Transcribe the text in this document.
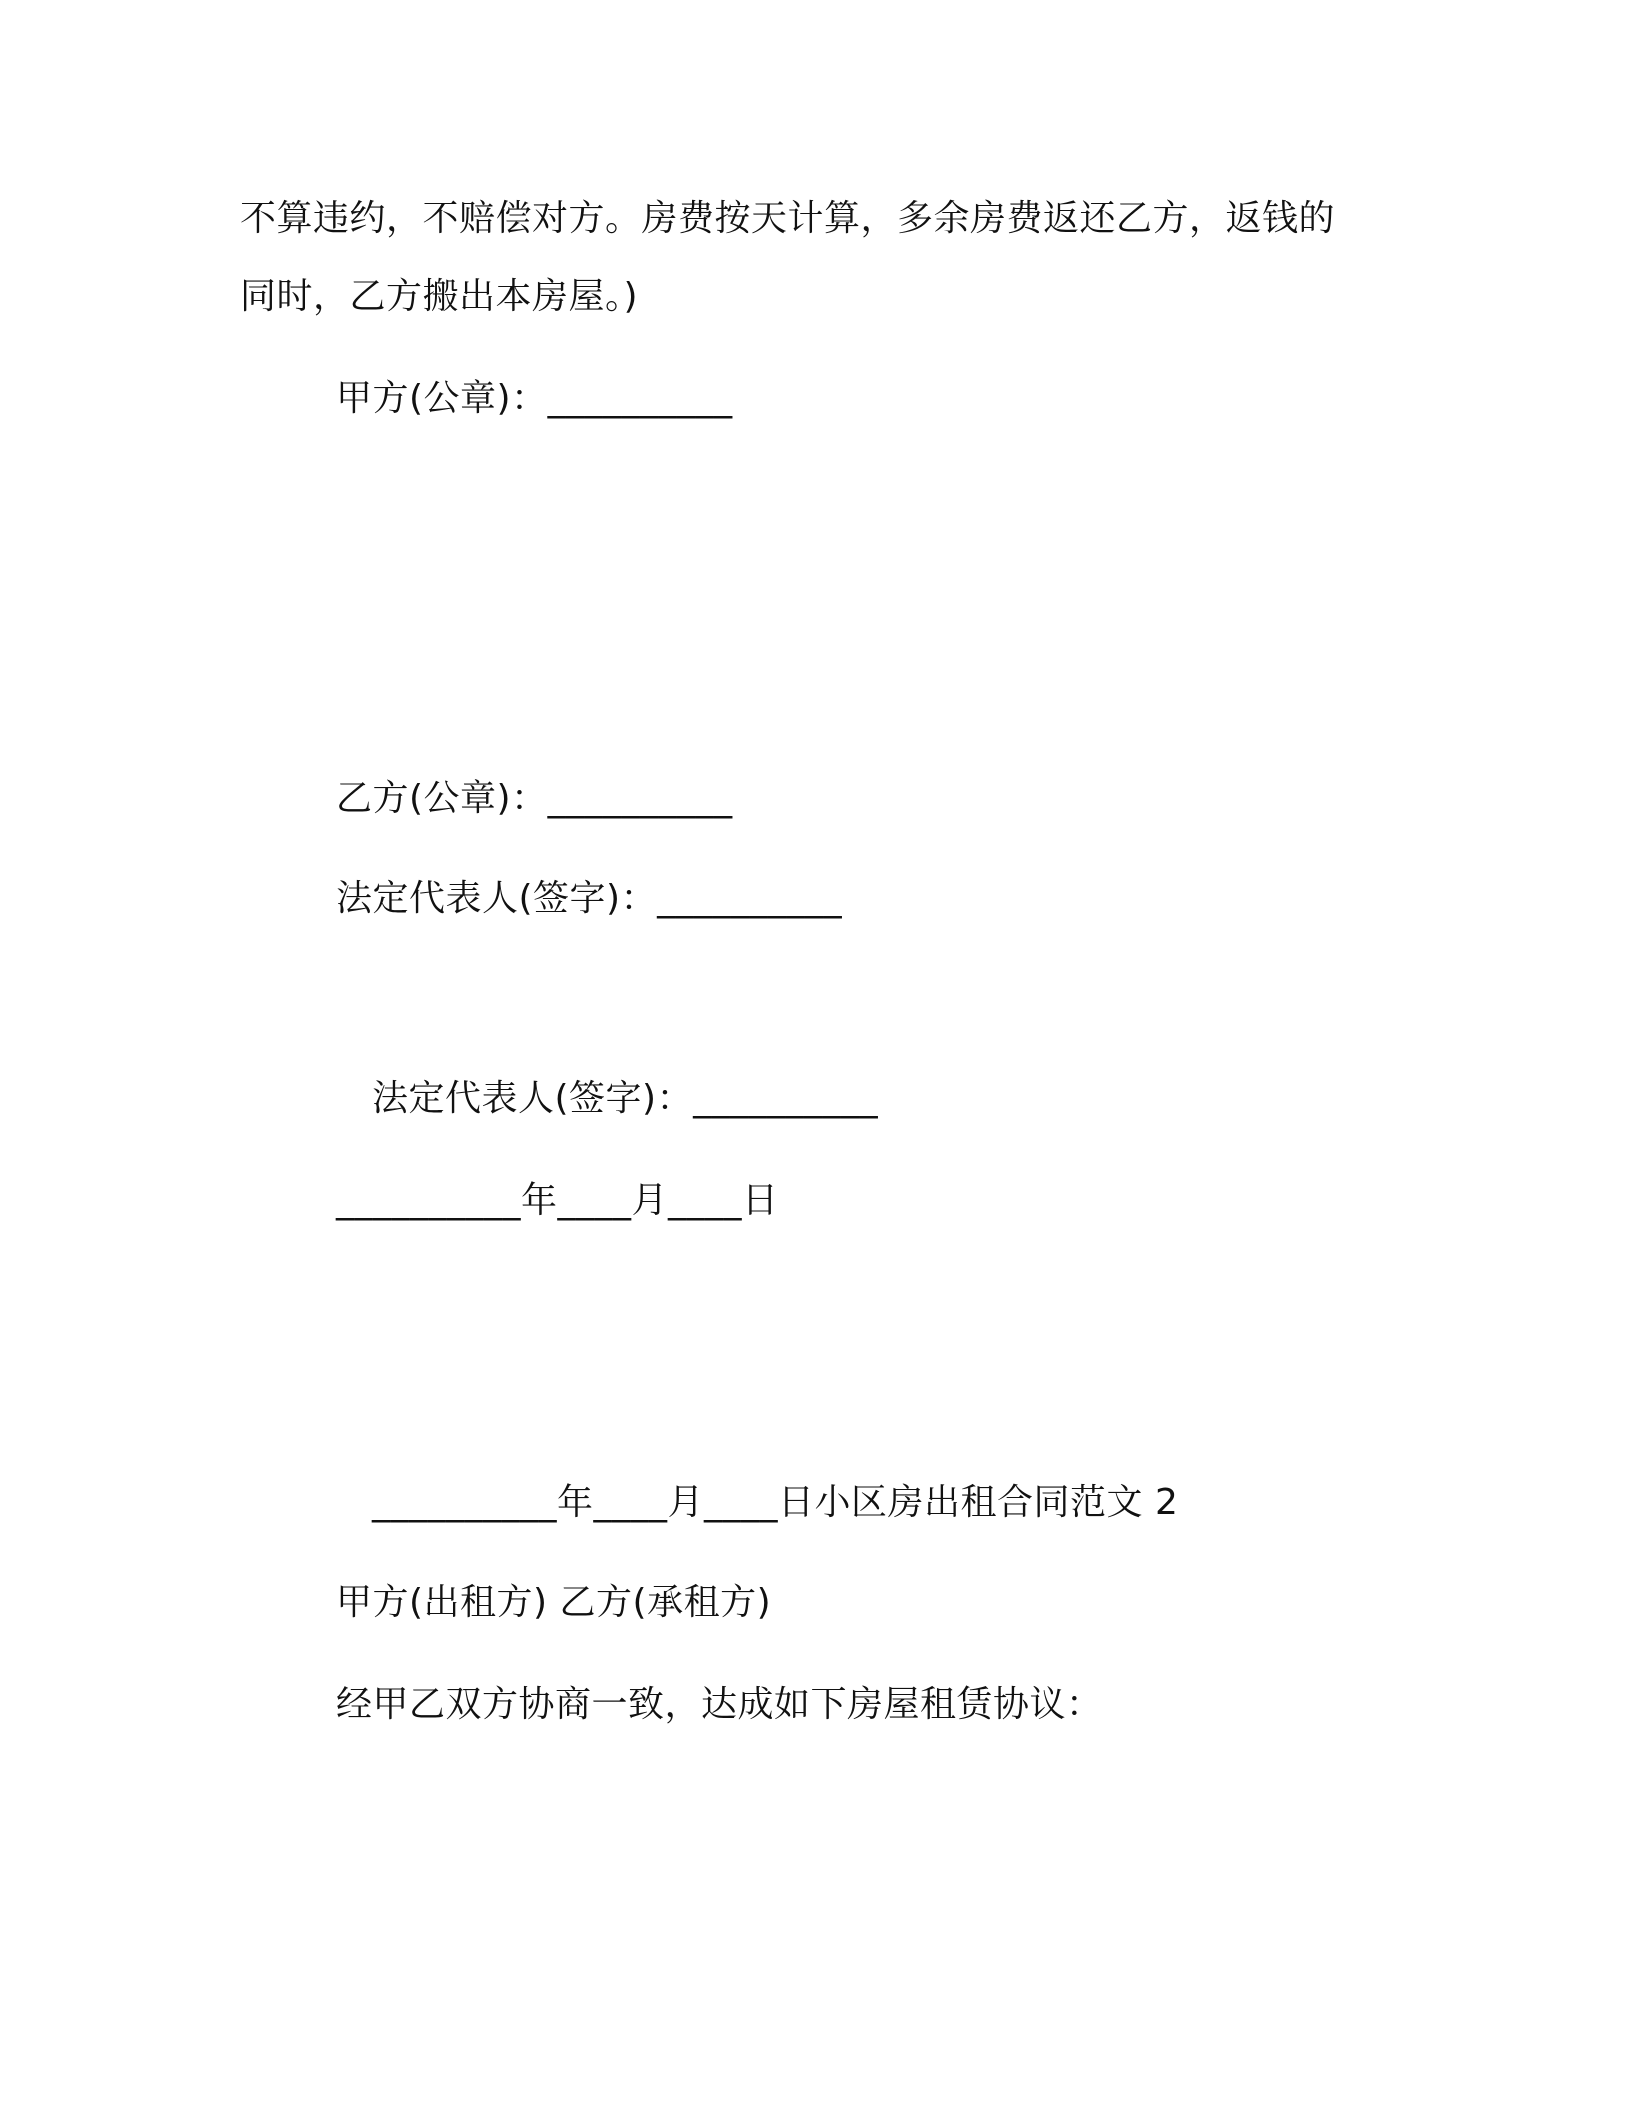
不算违约，不赔偿对方。房费按天计算，多余房费返还乙方，返钱的

同时，乙方搬出本房屋。)

甲方(公章)：__________

乙方(公章)：__________

法定代表人(签字)：__________

法定代表人(签字)：__________

__________年____月____日

__________年____月____日小区房出租合同范文 2

甲方(出租方) 乙方(承租方)

经甲乙双方协商一致，达成如下房屋租赁协议：
